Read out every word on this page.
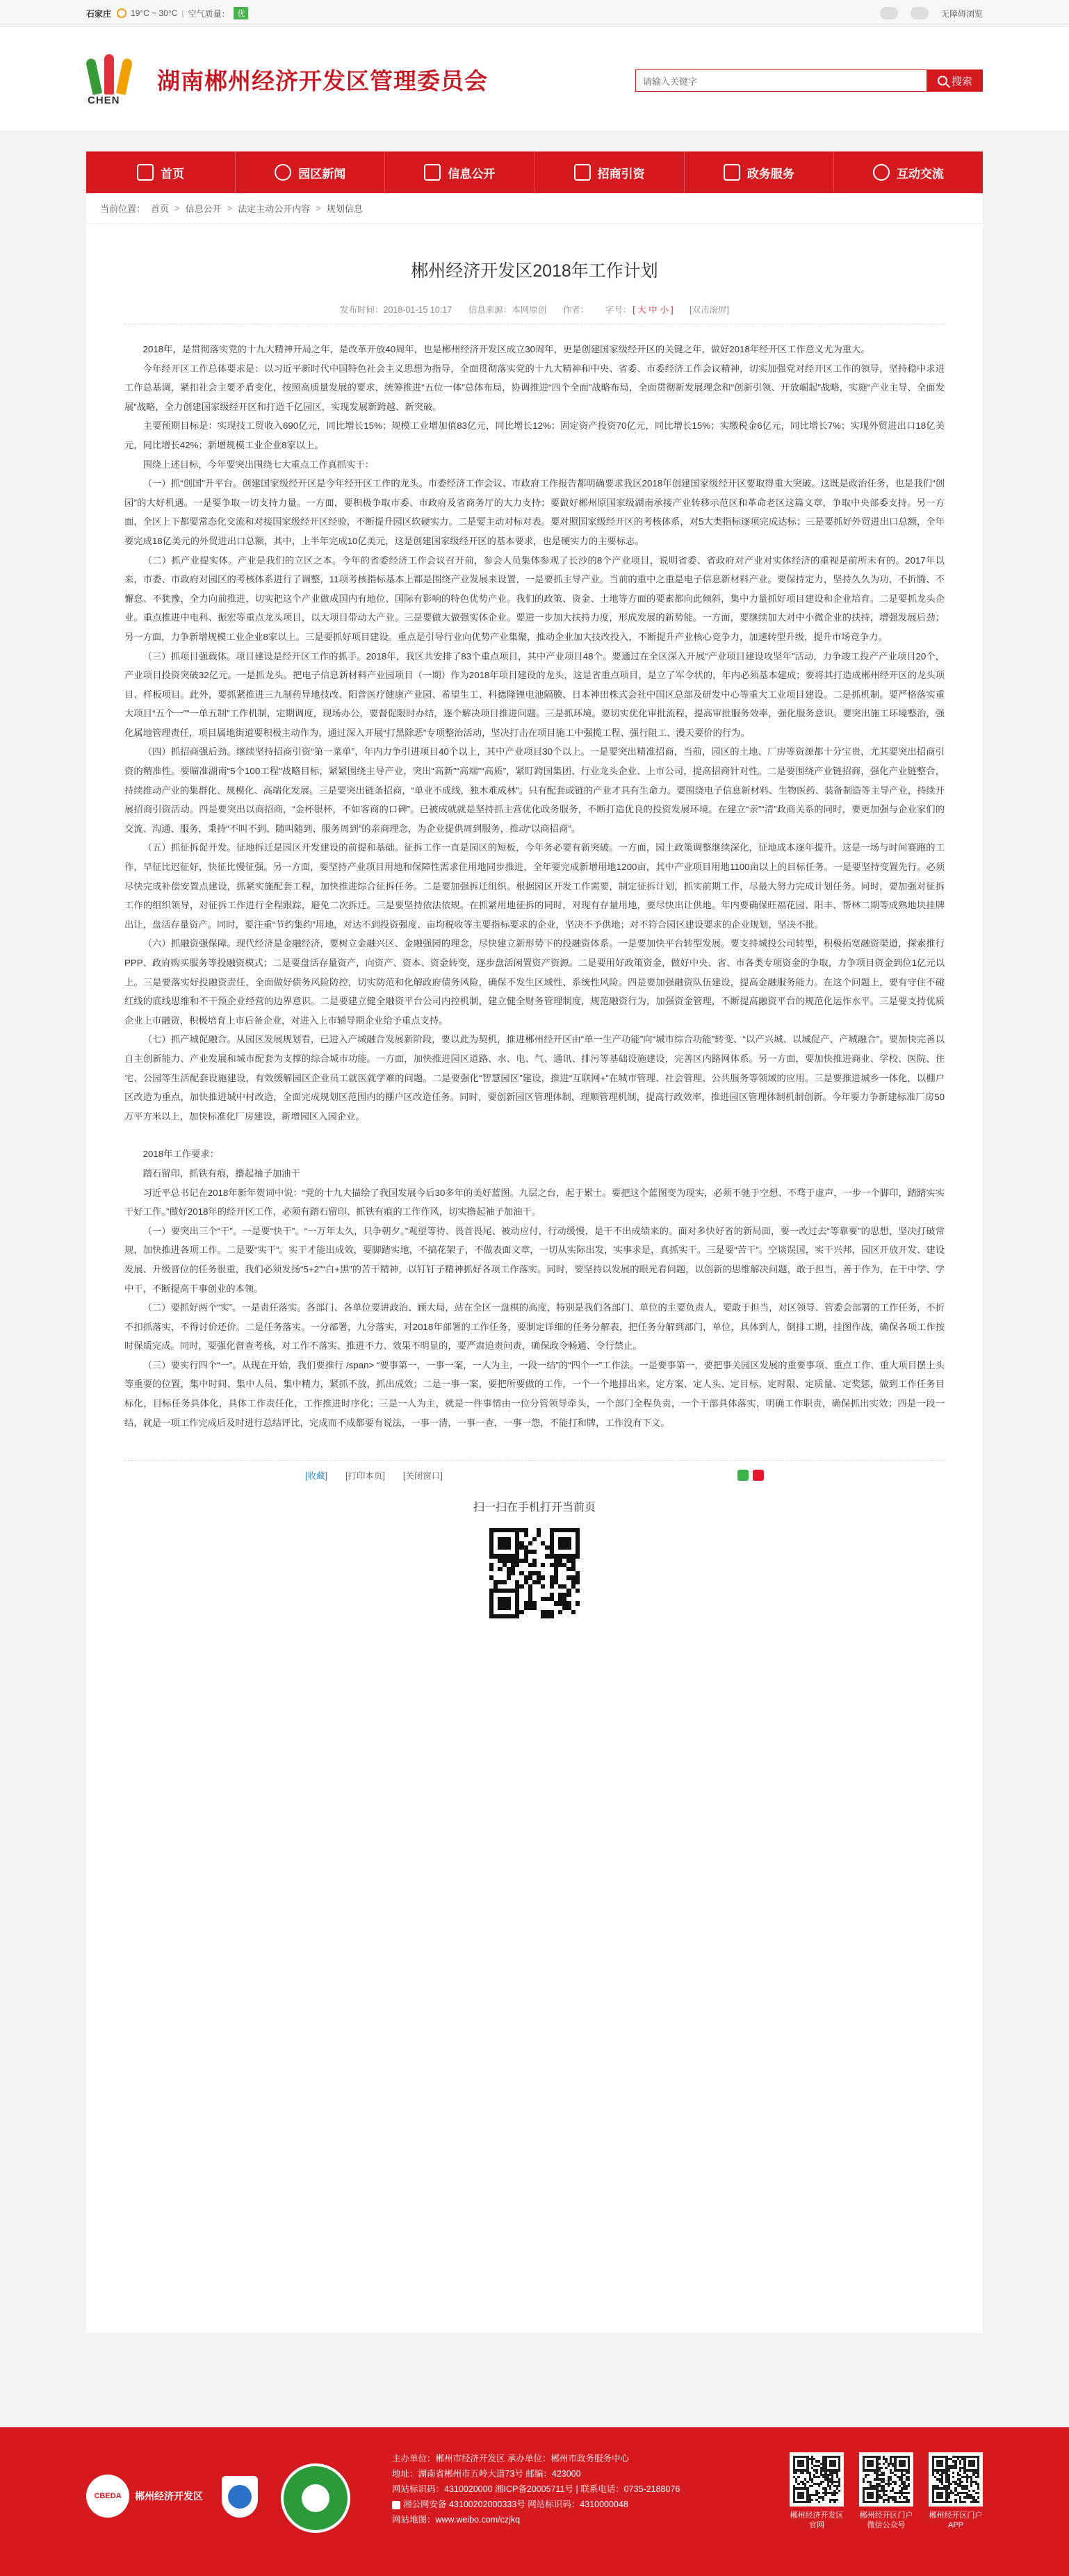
石家庄 19°C ~ 30°C | 空气质量：	优	无障碍浏览
CHEN
湖南郴州经济开发区管理委员会	请输入关键字	搜索
首页	园区新闻	信息公开	招商引资	政务服务	互动交流
当前位置： 首页 > 信息公开 > 法定主动公开内容 > 规划信息
郴州经济开发区2018年工作计划
发布时间：2018-01-15 10:17 信息来源：本网原创 作者： 字号： [ 大 中 小 ] [双击滚屏]

2018年，是贯彻落实党的十九大精神开局之年，是改革开放40周年，也是郴州经济开发区成立30周年，更是创建国家级经开区的关键之年，做好2018年经开区工作意义尤为重大。

今年经开区工作总体要求是：以习近平新时代中国特色社会主义思想为指导，全面贯彻落实党的十九大精神和中央、省委、市委经济工作会议精神，切实加强党对经开区工作的领导，坚持稳中求进工作总基调，紧扣社会主要矛盾变化，按照高质量发展的要求，统筹推进“五位一体”总体布局，协调推进“四个全面”战略布局，全面贯彻新发展理念和“创新引领、开放崛起”战略，实施“产业主导、全面发展”战略，全力创建国家级经开区和打造千亿园区，实现发展新跨越、新突破。

主要预期目标是：实现技工贸收入690亿元，同比增长15%；规模工业增加值83亿元，同比增长12%；固定资产投资70亿元，同比增长15%；实缴税金6亿元，同比增长7%；实现外贸进出口18亿美元，同比增长42%；新增规模工业企业8家以上。

围绕上述目标，今年要突出围绕七大重点工作真抓实干：

（一）抓“创国”升平台。创建国家级经开区是今年经开区工作的龙头。市委经济工作会议、市政府工作报告都明确要求我区2018年创建国家级经开区要取得重大突破。这既是政治任务，也是我们“创园”的大好机遇。一是要争取一切支持力量。一方面，要积极争取市委、市政府及省商务厅的大力支持；要做好郴州原国家级湖南承接产业转移示范区和革命老区这篇文章，争取中央部委支持。另一方面，全区上下都要常态化交流和对接国家级经开区经验，不断提升园区软硬实力。二是要主动对标对表。要对照国家级经开区的考核体系，对5大类指标逐项完成达标；三是要抓好外贸进出口总额，全年要完成18亿美元的外贸进出口总额，其中，上半年完成10亿美元，这是创建国家级经开区的基本要求，也是硬实力的主要标志。

（二）抓产业提实体。产业是我们的立区之本。今年的省委经济工作会议召开前，参会人员集体参观了长沙的8个产业项目，说明省委、省政府对产业对实体经济的重视是前所未有的。2017年以来，市委、市政府对园区的考核体系进行了调整，11项考核指标基本上都是围绕产业发展来设置，一是要抓主导产业。当前的重中之重是电子信息新材料产业。要保持定力，坚持久久为功，不折腾、不懈怠、不犹豫，全力向前推进，切实把这个产业做成国内有地位、国际有影响的特色优势产业。我们的政策、资金、土地等方面的要素都向此倾斜，集中力量抓好项目建设和企业培育。二是要抓龙头企业。重点推进中电科、振宏等重点龙头项目，以大项目带动大产业。三是要做大做强实体企业。要进一步加大扶持力度，形成发展的新势能。一方面，要继续加大对中小微企业的扶持，增强发展后劲；另一方面，力争新增规模工业企业8家以上。三是要抓好项目建设。重点是引导行业向优势产业集聚，推动企业加大技改投入，不断提升产业核心竞争力，加速转型升级，提升市场竞争力。

（三）抓项目强载体。项目建设是经开区工作的抓手。2018年，我区共安排了83个重点项目，其中产业项目48个。要通过在全区深入开展“产业项目建设攻坚年”活动，力争竣工投产产业项目20个，产业项目投资突破32亿元。一是抓龙头。把电子信息新材料产业园项目（一期）作为2018年项目建设的龙头，这是省重点项目，是立了军令状的，年内必须基本建成；要将其打造成郴州经开区的龙头项目、样板项目。此外，要抓紧推进三九制药异地技改、阳普医疗健康产业园、希望生工、科德隆锂电池隔膜、日本神田株式会社中国区总部及研发中心等重大工业项目建设。二是抓机制。要严格落实重大项目“五个一”“一单五制”工作机制，定期调度，现场办公，要督促限时办结，逐个解决项目推进问题。三是抓环境。要切实优化审批流程，提高审批服务效率，强化服务意识。要突出施工环境整治，强化属地管理责任，项目属地街道要积极主动作为，通过深入开展“打黑除恶”专项整治活动，坚决打击在项目施工中强揽工程、强行阻工、漫天要价的行为。

（四）抓招商强后劲。继续坚持招商引资“第一菜单”，年内力争引进项目40个以上，其中产业项目30个以上。一是要突出精准招商，当前，园区的土地、厂房等资源都十分宝贵，尤其要突出招商引资的精准性。要瞄准湖南“5个100工程”战略目标，紧紧围绕主导产业，突出“高新”“高端”“高质”，紧盯跨国集团、行业龙头企业、上市公司，提高招商针对性。二是要围绕产业链招商，强化产业链整合，持续推动产业的集群化、规模化、高端化发展。三是要突出链条招商，“单业不成线，独木难成林”。只有配套或链的产业才具有生命力。要围绕电子信息新材料、生物医药、装备制造等主导产业，持续开展招商引资活动。四是要突出以商招商，“金杯银杯，不如客商的口碑”。已被成就就是坚持抓主营优化政务服务，不断打造优良的投资发展环境。在建立“亲”“清”政商关系的同时，要更加强与企业家们的交流、沟通、服务，秉持“不叫不到、随叫随到、服务周到”的亲商理念，为企业提供周到服务，推动“以商招商”。

（五）抓征拆促开发。征地拆迁是园区开发建设的前提和基础。征拆工作一直是园区的短板，今年务必要有新突破。一方面，园土政策调整继续深化，征地成本逐年提升。这是一场与时间赛跑的工作，早征比迟征好，快征比慢征强。另一方面，要坚持产业项目用地和保障性需求住用地同步推进，全年要完成新增用地1200亩，其中产业项目用地1100亩以上的目标任务。一是要坚持变置先行。必须尽快完成补偿安置点建设，抓紧实施配套工程，加快推进综合征拆任务。二是要加强拆迁组织。根据园区开发工作需要，制定征拆计划，抓实前期工作，尽最大努力完成计划任务。同时，要加强对征拆工作的组织领导，对征拆工作进行全程跟踪，避免二次拆迁。三是要坚持依法依规。在抓紧用地征拆的同时，对现有存量用地，要尽快出让供地。年内要确保旺福花园、阳丰、帮林二期等成熟地块挂牌出让，盘活存量资产。同时，要注重“节约集约”用地，对达不到投资强度、亩均税收等主要指标要求的企业，坚决不予供地；对不符合园区建设要求的企业规划，坚决不批。

（六）抓融资强保障。现代经济是金融经济，要树立金融兴区、金融强园的理念，尽快建立新形势下的投融资体系。一是要加快平台转型发展。要支持城投公司转型，积极拓宽融资渠道，探索推行PPP、政府购买服务等投融资模式；二是要盘活存量资产，向资产、资本、资金转变，逐步盘活闲置资产资源。二是要用好政策资金，做好中央、省、市各类专项资金的争取，力争项目资金到位1亿元以上。三是要落实好投融资责任，全面做好债务风险防控，切实防范和化解政府债务风险，确保不发生区域性、系统性风险。四是要加强融资队伍建设，提高金融服务能力。在这个问题上，要有守住不碰红线的底线思维和不干预企业经营的边界意识。二是要建立健全融资平台公司内控机制，建立健全财务管理制度，规范融资行为，加强资金管理，不断提高融资平台的规范化运作水平。三是要支持优质企业上市融资，积极培育上市后备企业，对进入上市辅导期企业给予重点支持。

（七）抓产城促融合。从园区发展规划看，已进入产城融合发展新阶段，要以此为契机，推进郴州经开区由“单一生产功能”向“城市综合功能”转变、“以产兴城、以城促产、产城融合”。要加快完善以自主创新能力、产业发展和城市配套为支撑的综合城市功能。一方面，加快推进园区道路、水、电、气、通讯、排污等基础设施建设，完善区内路网体系。另一方面，要加快推进商业、学校、医院、住宅、公园等生活配套设施建设，有效缓解园区企业员工就医就学难的问题。二是要强化“智慧园区”建设，推进“互联网+”在城市管理、社会管理、公共服务等领域的应用。三是要推进城乡一体化，以棚户区改造为重点，加快推进城中村改造，全面完成规划区范围内的棚户区改造任务。同时，要创新园区管理体制，理顺管理机制，提高行政效率，推进园区管理体制机制创新。今年要力争新建标准厂房50万平方米以上，加快标准化厂房建设，新增园区入园企业。

2018年工作要求：

踏石留印，抓铁有痕，撸起袖子加油干

习近平总书记在2018年新年贺词中说：“党的十九大描绘了我国发展今后30多年的美好蓝图。九层之台，起于累土。要把这个蓝图变为现实，必须不驰于空想、不骛于虚声，一步一个脚印，踏踏实实干好工作。”做好2018年的经开区工作，必须有踏石留印、抓铁有痕的工作作风，切实撸起袖子加油干。

（一）要突出三个“干”。一是要“快干”。“一万年太久，只争朝夕。”观望等待、畏首畏尾、被动应付，行动缓慢，是干不出成绩来的。面对多快好省的新局面，要一改过去“等靠要”的思想，坚决打破常规，加快推进各项工作。二是要“实干”。实干才能出成效，要脚踏实地，不搞花架子，不做表面文章，一切从实际出发，实事求是，真抓实干。三是要“苦干”。空谈误国，实干兴邦，园区开放开发、建设发展、升级晋位的任务很重，我们必须发扬“5+2”“白+黑”的苦干精神，以钉钉子精神抓好各项工作落实。同时，要坚持以发展的眼光看问题，以创新的思维解决问题，敢于担当，善于作为，在干中学、学中干，不断提高干事创业的本领。

（二）要抓好两个“实”。一是责任落实。各部门、各单位要讲政治、顾大局，站在全区一盘棋的高度，特别是我们各部门、单位的主要负责人，要敢于担当，对区领导、管委会部署的工作任务，不折不扣抓落实，不得讨价还价。二是任务落实。一分部署，九分落实，对2018年部署的工作任务，要制定详细的任务分解表，把任务分解到部门，单位，具体到人，倒排工期，挂图作战，确保各项工作按时保质完成。同时，要强化督查考核，对工作不落实、推进不力、效果不明显的，要严肃追责问责，确保政令畅通、令行禁止。

（三）要实行四个“一”。从现在开始，我们要推行 /span> “要事第一，一事一案，一人为主，一段一结”的“四个一”工作法。一是要事第一，要把事关园区发展的重要事项、重点工作、重大项目摆上头等重要的位置，集中时间、集中人员、集中精力，紧抓不放，抓出成效；二是一事一案，要把所要做的工作，一个一个地排出来，定方案、定人头、定目标、定时限、定质量、定奖惩，做到工作任务目标化，目标任务具体化，具体工作责任化，工作推进时序化；三是一人为主，就是一件事情由一位分管领导牵头，一个部门全程负责，一个干部具体落实，明确工作职责，确保抓出实效；四是一段一结，就是一项工作完成后及时进行总结评比，完成而不成都要有说法，一事一清，一事一查，一事一怨，不能打和牌，工作没有下文。

[收藏] [打印本页] [关闭窗口]
扫一扫在手机打开当前页
CBEDA	郴州经济开发区
主办单位：郴州市经济开发区 承办单位：郴州市政务服务中心
地址：湖南省郴州市五岭大道73号 邮编：423000
网站标识码：4310020000 湘ICP备20005711号 | 联系电话：0735-2188076
湘公网安备 43100202000333号 网站标识码：4310000048
网站地图：www.weibo.com/czjkq	郴州经济开发区官网
郴州经开区门户微信公众号
郴州经开区门户APP
